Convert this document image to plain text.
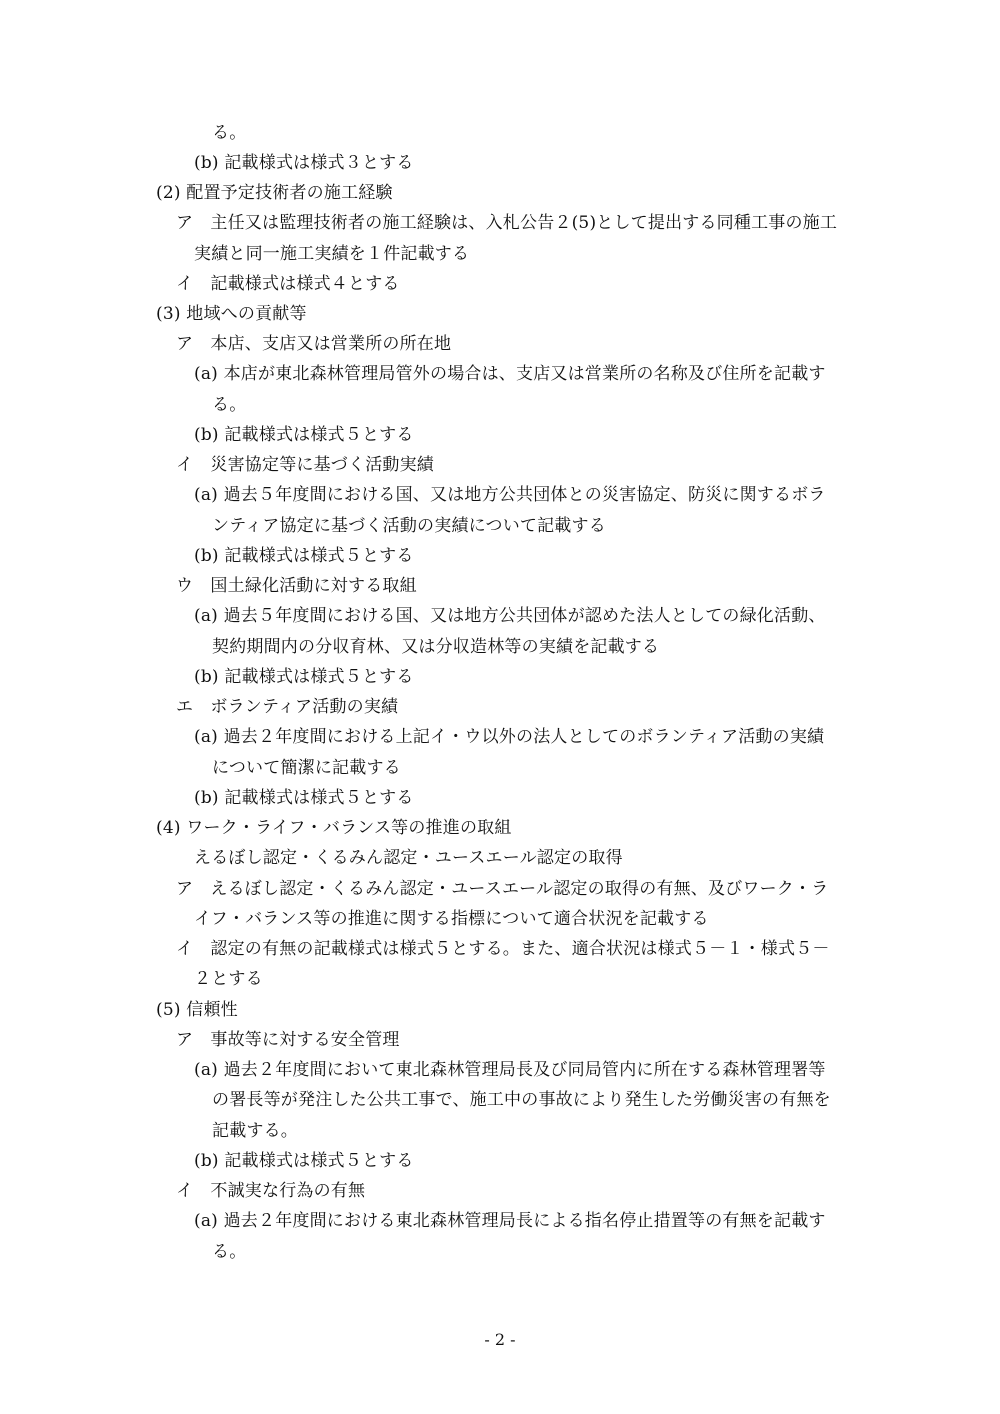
る。
(b) 記載様式は様式３とする
(2) 配置予定技術者の施工経験
ア　主任又は監理技術者の施工経験は、入札公告２(5)として提出する同種工事の施工
実績と同一施工実績を１件記載する
イ　記載様式は様式４とする
(3) 地域への貢献等
ア　本店、支店又は営業所の所在地
(a) 本店が東北森林管理局管外の場合は、支店又は営業所の名称及び住所を記載す
る。
(b) 記載様式は様式５とする
イ　災害協定等に基づく活動実績
(a) 過去５年度間における国、又は地方公共団体との災害協定、防災に関するボラ
ンティア協定に基づく活動の実績について記載する
(b) 記載様式は様式５とする
ウ　国土緑化活動に対する取組
(a) 過去５年度間における国、又は地方公共団体が認めた法人としての緑化活動、
契約期間内の分収育林、又は分収造林等の実績を記載する
(b) 記載様式は様式５とする
エ　ボランティア活動の実績
(a) 過去２年度間における上記イ・ウ以外の法人としてのボランティア活動の実績
について簡潔に記載する
(b) 記載様式は様式５とする
(4) ワーク・ライフ・バランス等の推進の取組
えるぼし認定・くるみん認定・ユースエール認定の取得
ア　えるぼし認定・くるみん認定・ユースエール認定の取得の有無、及びワーク・ラ
イフ・バランス等の推進に関する指標について適合状況を記載する
イ　認定の有無の記載様式は様式５とする。また、適合状況は様式５－１・様式５－
２とする
(5) 信頼性
ア　事故等に対する安全管理
(a) 過去２年度間において東北森林管理局長及び同局管内に所在する森林管理署等
の署長等が発注した公共工事で、施工中の事故により発生した労働災害の有無を
記載する。
(b) 記載様式は様式５とする
イ　不誠実な行為の有無
(a) 過去２年度間における東北森林管理局長による指名停止措置等の有無を記載す
る。
- 2 -
